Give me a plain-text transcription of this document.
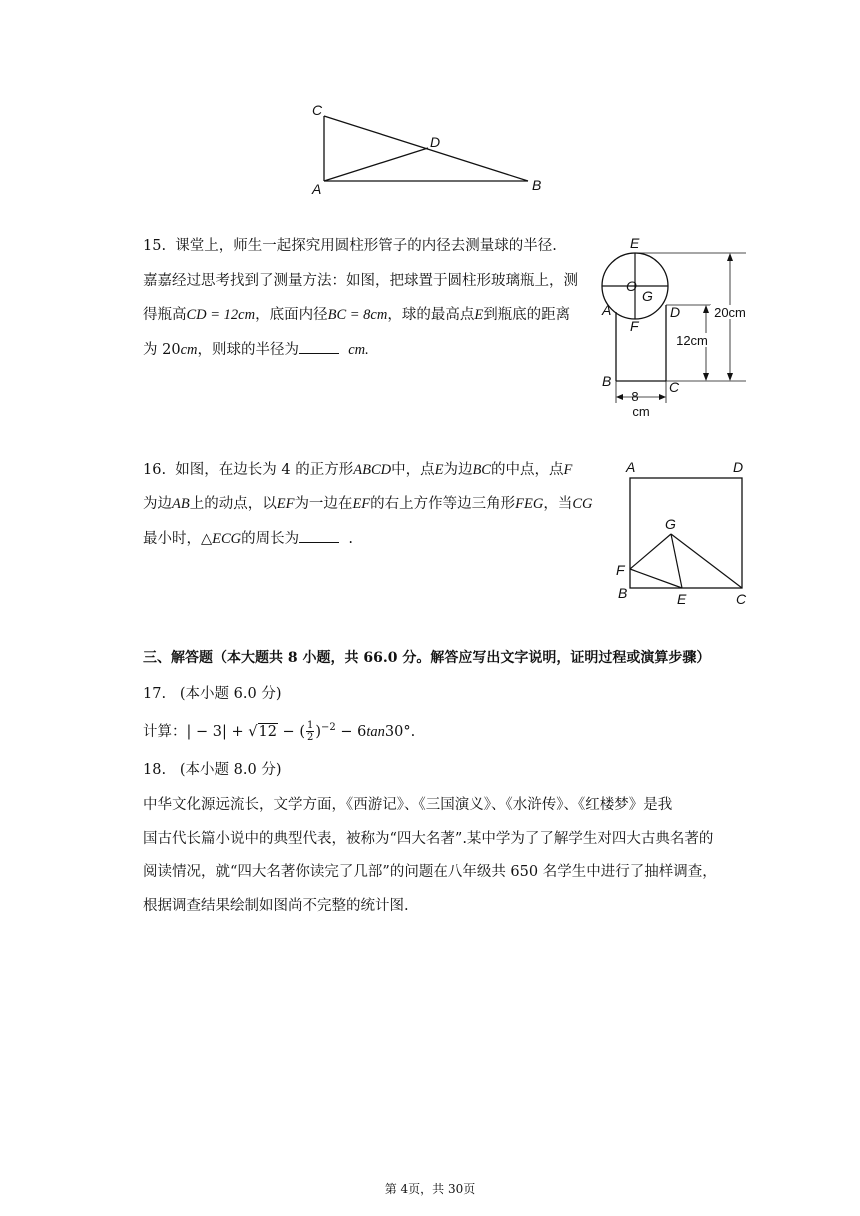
C
D
A	B
15. 课堂上，师生一起探究用圆柱形管子的内径去测量球的半径.
嘉嘉经过思考找到了测量方法：如图，把球置于圆柱形玻璃瓶上，测
得瓶高CD = 12cm，底面内径BC = 8cm，球的最高点E到瓶底的距离
为 20cm，则球的半径为	cm.
8
cm
12cm
20cm
E
O
G
A	D
F
B	C
16. 如图，在边长为 4 的正方形ABCD中，点E为边BC的中点，点F
为边AB上的动点，以EF为一边在EF的右上方作等边三角形FEG，当CG
最小时，△ECG的周长为	.
A	D
G
F
B	E	C
三、解答题（本大题共 8 小题，共 66.0 分。解答应写出文字说明，证明过程或演算步骤）
17. (本小题 6.0 分)
计算：| − 3| + √12 − ( $\frac{1}{2} )^{-2} - 6\tan 30^\circ$.
18. (本小题 8.0 分)
中华文化源远流长，文学方面，《西游记》、《三国演义》、《水浒传》、《红楼梦》是我
国古代长篇小说中的典型代表，被称为“四大名著”.某中学为了了解学生对四大古典名著的
阅读情况，就“四大名著你读完了几部”的问题在八年级共 650 名学生中进行了抽样调查，
根据调查结果绘制如图尚不完整的统计图.
第 4页，共 30页
